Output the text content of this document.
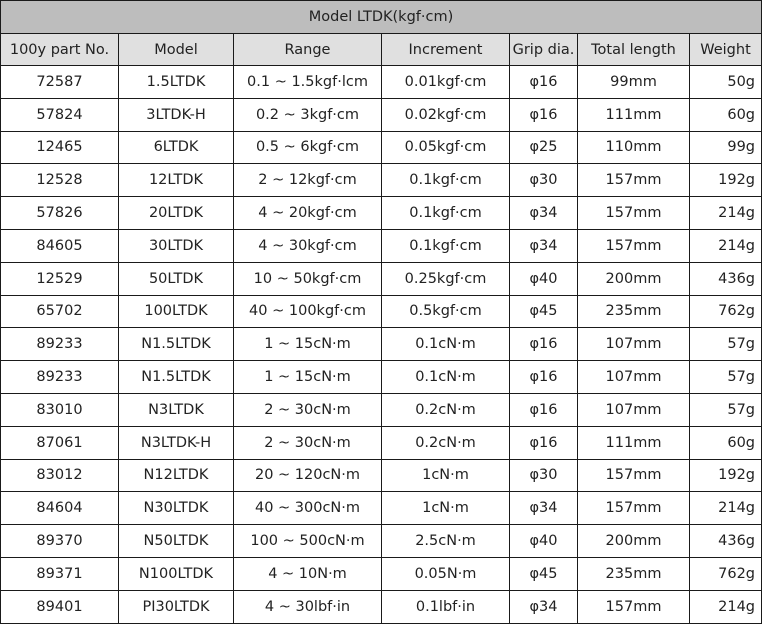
Model LTDK(kgf·cm)						
100y part No.	Model	Range	Increment	Grip dia.	Total length	Weight
72587	1.5LTDK	0.1 ~ 1.5kgf·lcm	0.01kgf·cm	φ16	99mm	50g
57824	3LTDK-H	0.2 ~ 3kgf·cm	0.02kgf·cm	φ16	111mm	60g
12465	6LTDK	0.5 ~ 6kgf·cm	0.05kgf·cm	φ25	110mm	99g
12528	12LTDK	2 ~ 12kgf·cm	0.1kgf·cm	φ30	157mm	192g
57826	20LTDK	4 ~ 20kgf·cm	0.1kgf·cm	φ34	157mm	214g
84605	30LTDK	4 ~ 30kgf·cm	0.1kgf·cm	φ34	157mm	214g
12529	50LTDK	10 ~ 50kgf·cm	0.25kgf·cm	φ40	200mm	436g
65702	100LTDK	40 ~ 100kgf·cm	0.5kgf·cm	φ45	235mm	762g
89233	N1.5LTDK	1 ~ 15cN·m	0.1cN·m	φ16	107mm	57g
89233	N1.5LTDK	1 ~ 15cN·m	0.1cN·m	φ16	107mm	57g
83010	N3LTDK	2 ~ 30cN·m	0.2cN·m	φ16	107mm	57g
87061	N3LTDK-H	2 ~ 30cN·m	0.2cN·m	φ16	111mm	60g
83012	N12LTDK	20 ~ 120cN·m	1cN·m	φ30	157mm	192g
84604	N30LTDK	40 ~ 300cN·m	1cN·m	φ34	157mm	214g
89370	N50LTDK	100 ~ 500cN·m	2.5cN·m	φ40	200mm	436g
89371	N100LTDK	4 ~ 10N·m	0.05N·m	φ45	235mm	762g
89401	PI30LTDK	4 ~ 30lbf·in	0.1lbf·in	φ34	157mm	214g
